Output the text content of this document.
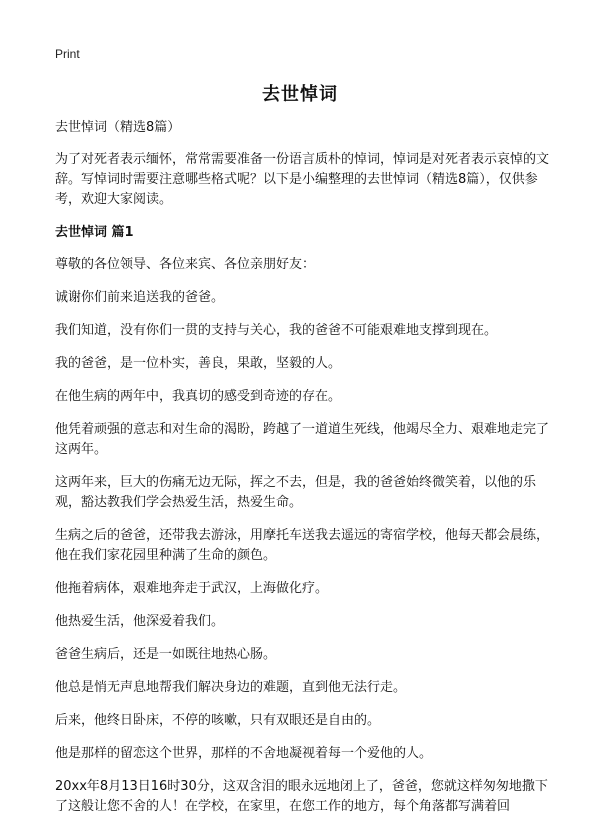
Print
去世悼词

去世悼词（精选8篇）

为了对死者表示缅怀，常常需要准备一份语言质朴的悼词，悼词是对死者表示哀悼的文辞。写悼词时需要注意哪些格式呢？以下是小编整理的去世悼词（精选8篇），仅供参考，欢迎大家阅读。

去世悼词 篇1

尊敬的各位领导、各位来宾、各位亲朋好友：

诚谢你们前来追送我的爸爸。

我们知道，没有你们一贯的支持与关心，我的爸爸不可能艰难地支撑到现在。

我的爸爸，是一位朴实，善良，果敢，坚毅的人。

在他生病的两年中，我真切的感受到奇迹的存在。

他凭着顽强的意志和对生命的渴盼，跨越了一道道生死线，他竭尽全力、艰难地走完了这两年。

这两年来，巨大的伤痛无边无际，挥之不去，但是，我的爸爸始终微笑着，以他的乐观，豁达教我们学会热爱生活，热爱生命。

生病之后的爸爸，还带我去游泳，用摩托车送我去遥远的寄宿学校，他每天都会晨练，他在我们家花园里种满了生命的颜色。

他拖着病体，艰难地奔走于武汉，上海做化疗。

他热爱生活，他深爱着我们。

爸爸生病后，还是一如既往地热心肠。

他总是悄无声息地帮我们解决身边的难题，直到他无法行走。

后来，他终日卧床，不停的咳嗽，只有双眼还是自由的。

他是那样的留恋这个世界，那样的不舍地凝视着每一个爱他的人。

20xx年8月13日16时30分，这双含泪的眼永远地闭上了，爸爸，您就这样匆匆地撒下了这般让您不舍的人！在学校，在家里，在您工作的地方，每个角落都写满着回
